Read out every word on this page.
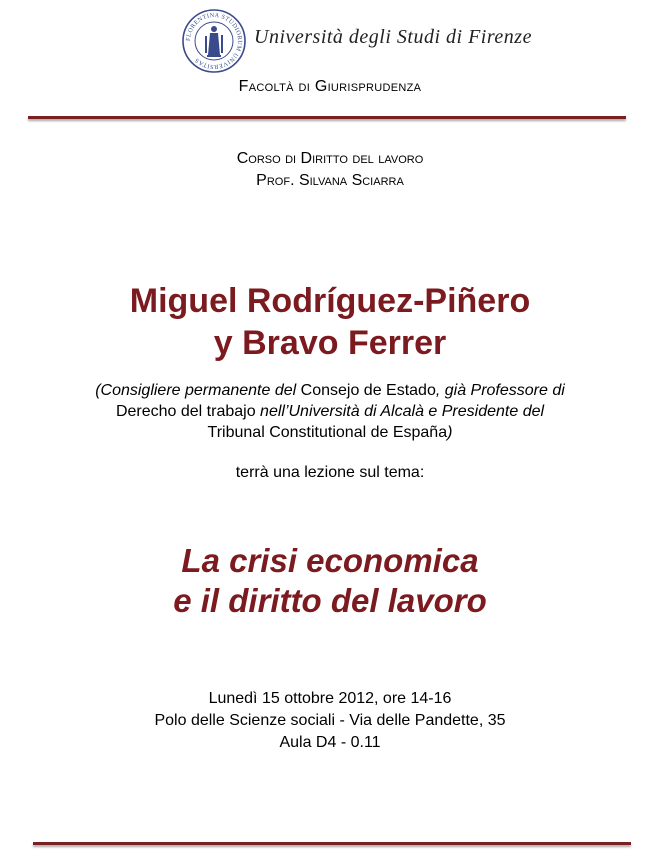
FLORENTINA STUDIORUM UNIVERSITAS
Università degli Studi di Firenze
Facoltà di Giurisprudenza
Corso di Diritto del lavoro
Prof. Silvana Sciarra
Miguel Rodríguez-Piñero
y Bravo Ferrer
(Consigliere permanente del Consejo de Estado, già Professore di
Derecho del trabajo nell’Università di Alcalà e Presidente del
Tribunal Constitutional de España)
terrà una lezione sul tema:
La crisi economica
e il diritto del lavoro
Lunedì 15 ottobre 2012, ore 14-16
Polo delle Scienze sociali - Via delle Pandette, 35
Aula D4 - 0.11
